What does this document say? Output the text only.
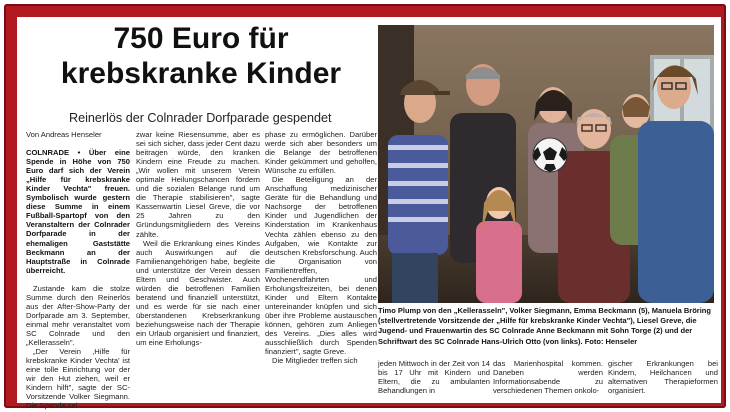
750 Euro für
krebskranke Kinder
Reinerlös der Colnrader Dorfparade gespendet

Von Andreas Henseler

COLNRADE • Über eine Spende in Höhe von 750 Euro darf sich der Verein „Hilfe für krebskranke Kinder Vechta" freuen. Symbolisch wurde gestern diese Summe in einem Fußball-Spartopf von den Veranstaltern der Colnrader Dorfparade in der ehemaligen Gaststätte Beckmann an der Hauptstraße in Colnrade überreicht.

Zustande kam die stolze Summe durch den Reinerlös aus der After-Show-Party der Dorfparade am 3. September, einmal mehr veranstaltet vom SC Colnrade und den „Kellerasseln".

„Der Verein ‚Hilfe für krebskranke Kinder Vechta' ist eine tolle Einrichtung vor der wir den Hut ziehen, weil er Kindern hilft", sagte der SC-Vorsitzende Volker Siegmann. Die Spende sei

zwar keine Riesensumme, aber es sei sich sicher, dass jeder Cent dazu beitragen würde, den kranken Kindern eine Freude zu machen. „Wir wollen mit unserem Verein optimale Heilungschancen fördern und die sozialen Belange rund um die Therapie stabilisieren", sagte Kassenwartin Liesel Greve, die vor 25 Jahren zu den Gründungsmitgliedern des Vereins zählte.

Weil die Erkrankung eines Kindes auch Auswirkungen auf die Familienangehörigen habe, begleite und unterstütze der Verein dessen Eltern und Geschwister. Auch würden die betroffenen Familien beratend und finanziell unterstützt, und es werde für sie nach einer überstandenen Krebserkrankung beziehungsweise nach der Therapie ein Urlaub organisiert und finanziert, um eine Erholungs-

phase zu ermöglichen. Darüber werde sich aber besonders um die Belange der betroffenen Kinder gekümmert und geholfen, Wünsche zu erfüllen.

Die Beteiligung an der Anschaffung medizinischer Geräte für die Behandlung und Nachsorge der betroffenen Kinder und Jugendlichen der Kinderstation im Krankenhaus Vechta zählen ebenso zu den Aufgaben, wie Kontakte zur deutschen Krebsforschung. Auch die Organisation von Familientreffen, Wochenendfahrten und Erholungsfreizeiten, bei denen Kinder und Eltern Kontakte untereinander knüpfen und sich über ihre Probleme austauschen können, gehören zum Anliegen des Vereins. „Dies alles wird ausschließlich durch Spenden finanziert", sagte Greve.

Die Mitglieder treffen sich

Timo Plump von den „Kellerasseln", Volker Siegmann, Emma Beckmann (5), Manuela Bröring (stellvertretende Vorsitzende der „Hilfe für krebskranke Kinder Vechta"), Liesel Greve, die Jugend- und Frauenwartin des SC Colnrade Anne Beckmann mit Sohn Torge (2) und der Schriftwart des SC Colnrade Hans-Ulrich Otto (von links). Foto: Henseler

jeden Mittwoch in der Zeit von 14 bis 17 Uhr mit Kindern und Eltern, die zu ambulanten Behandlungen in

das Marienhospital kommen. Daneben werden Informationsabende zu verschiedenen Themen onkolo-

gischer Erkrankungen bei Kindern, Heilchancen und alternativen Therapieformen organisiert.
